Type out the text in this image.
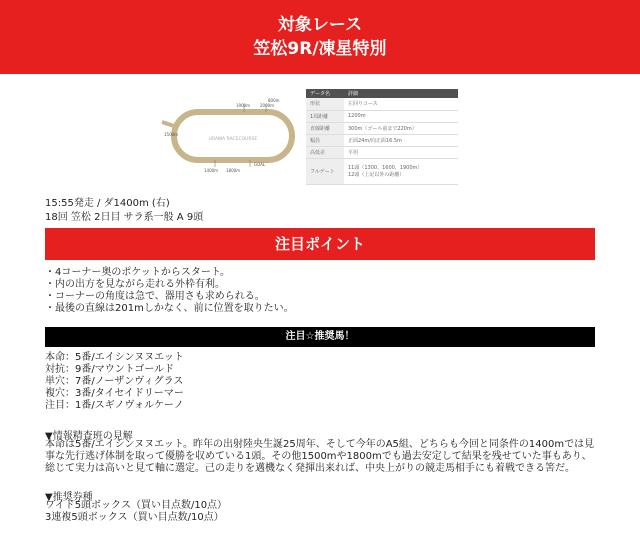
対象レース
笠松9R/凍星特別
URAWA RACECOURSE
800m
1900m 2000m
1500m
1400m 1800m
GOAL
データ名	詳細
形状	左回りコース
1周距離	1200m
直線距離	300m（ゴール前まで220m）
幅員	正面24m/向正面16.5m
高低差	平坦
フルゲート	11頭（1300、1600、1900m）
12頭（上記以外の距離）
15:55発走 / ダ1400m (右)
18回 笠松 2日目 サラ系一般 A 9頭
注目ポイント
・4コーナー奥のポケットからスタート。
・内の出方を見ながら走れる外枠有利。
・コーナーの角度は急で、器用さも求められる。
・最後の直線は201mしかなく、前に位置を取りたい。
注目☆推奨馬！
本命：5番/エイシンヌヌエット
対抗：9番/マウントゴールド
単穴：7番/ノーザンヴィグラス
複穴：3番/タイセイドリーマー
注目：1番/スギノヴォルケーノ
▼情報精査班の見解
本命は5番/エイシンヌヌエット。昨年の出射陸央生誕25周年、そして今年のA5組、どちらも今回と同条件の1400mでは見事な先行逃げ体制を取って優勝を収めている1頭。その他1500mや1800mでも過去安定して結果を残せていた事もあり、総じて実力は高いと見て軸に選定。己の走りを邁機なく発揮出来れば、中央上がりの競走馬相手にも着戦できる筈だ。
▼推奨券種
ワイド5頭ボックス（買い目点数/10点）
3連複5頭ボックス（買い目点数/10点）
